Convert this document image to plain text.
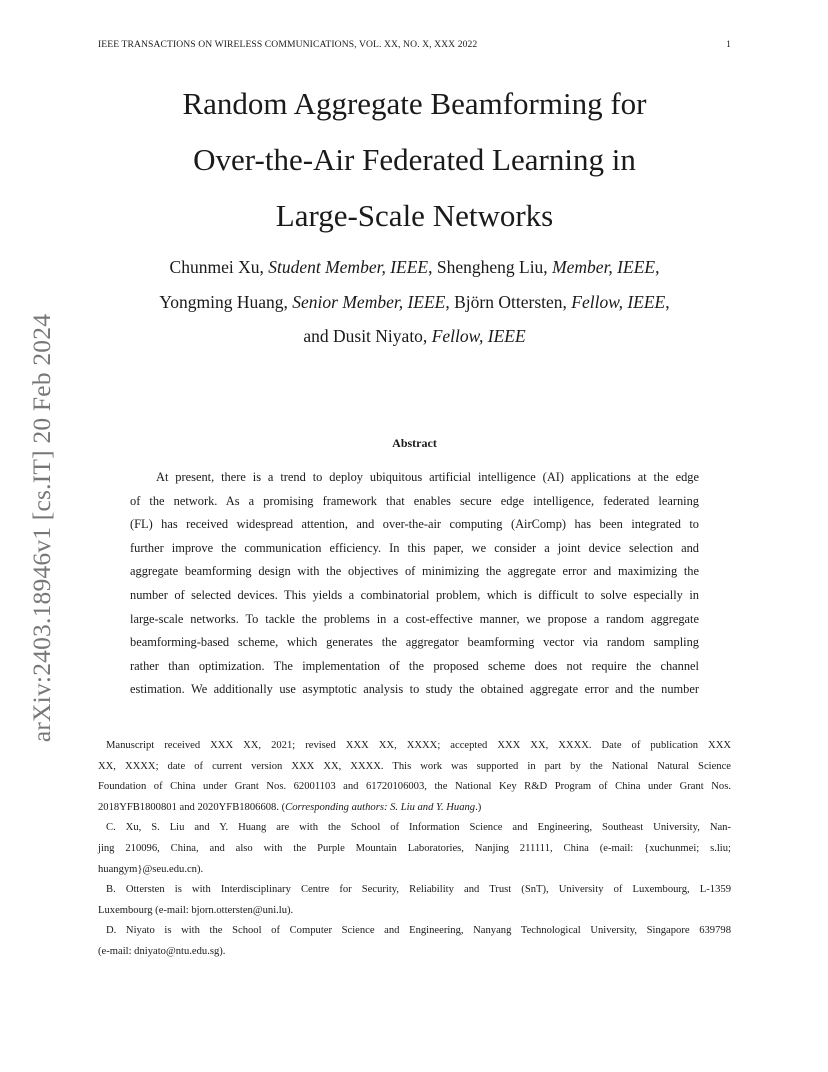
IEEE TRANSACTIONS ON WIRELESS COMMUNICATIONS, VOL. XX, NO. X, XXX 2022	1
arXiv:2403.18946v1 [cs.IT] 20 Feb 2024
Random Aggregate Beamforming for
Over-the-Air Federated Learning in
Large-Scale Networks
Chunmei Xu, Student Member, IEEE, Shengheng Liu, Member, IEEE,
Yongming Huang, Senior Member, IEEE, Björn Ottersten, Fellow, IEEE,
and Dusit Niyato, Fellow, IEEE
Abstract
At present, there is a trend to deploy ubiquitous artificial intelligence (AI) applications at the edge
of the network. As a promising framework that enables secure edge intelligence, federated learning
(FL) has received widespread attention, and over-the-air computing (AirComp) has been integrated to
further improve the communication efficiency. In this paper, we consider a joint device selection and
aggregate beamforming design with the objectives of minimizing the aggregate error and maximizing the
number of selected devices. This yields a combinatorial problem, which is difficult to solve especially in
large-scale networks. To tackle the problems in a cost-effective manner, we propose a random aggregate
beamforming-based scheme, which generates the aggregator beamforming vector via random sampling
rather than optimization. The implementation of the proposed scheme does not require the channel
estimation. We additionally use asymptotic analysis to study the obtained aggregate error and the number
Manuscript received XXX XX, 2021; revised XXX XX, XXXX; accepted XXX XX, XXXX. Date of publication XXX
XX, XXXX; date of current version XXX XX, XXXX. This work was supported in part by the National Natural Science
Foundation of China under Grant Nos. 62001103 and 61720106003, the National Key R&D Program of China under Grant Nos.
2018YFB1800801 and 2020YFB1806608. (Corresponding authors: S. Liu and Y. Huang.)
C. Xu, S. Liu and Y. Huang are with the School of Information Science and Engineering, Southeast University, Nan-
jing 210096, China, and also with the Purple Mountain Laboratories, Nanjing 211111, China (e-mail: {xuchunmei; s.liu;
huangym}@seu.edu.cn).
B. Ottersten is with Interdisciplinary Centre for Security, Reliability and Trust (SnT), University of Luxembourg, L-1359
Luxembourg (e-mail: bjorn.ottersten@uni.lu).
D. Niyato is with the School of Computer Science and Engineering, Nanyang Technological University, Singapore 639798
(e-mail: dniyato@ntu.edu.sg).
